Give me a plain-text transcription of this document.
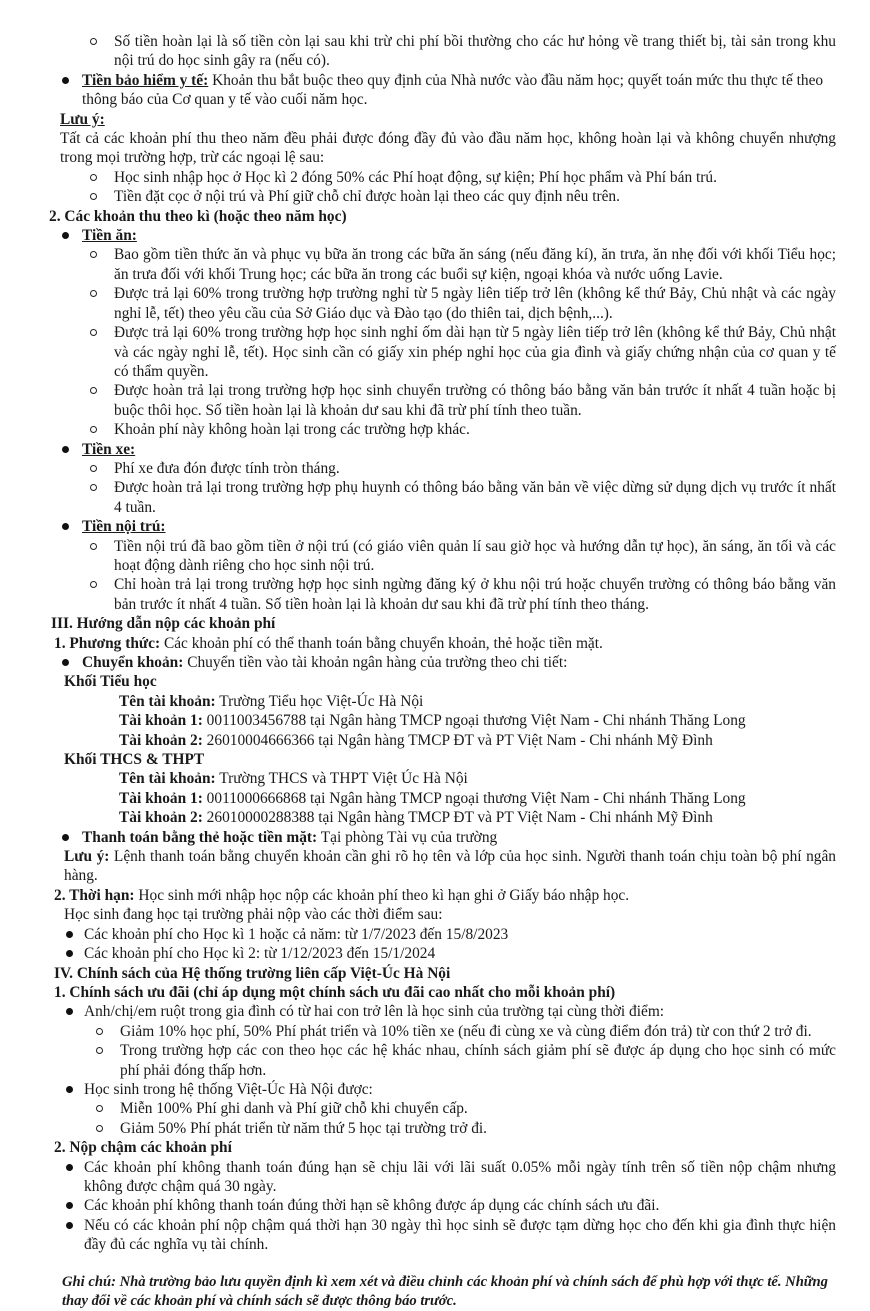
Số tiền hoàn lại là số tiền còn lại sau khi trừ chi phí bồi thường cho các hư hỏng về trang thiết bị, tài sản trong khu nội trú do học sinh gây ra (nếu có).
Tiền bảo hiểm y tế: Khoản thu bắt buộc theo quy định của Nhà nước vào đầu năm học; quyết toán mức thu thực tế theo thông báo của Cơ quan y tế vào cuối năm học.
Lưu ý:
Tất cả các khoản phí thu theo năm đều phải được đóng đầy đủ vào đầu năm học, không hoàn lại và không chuyển nhượng trong mọi trường hợp, trừ các ngoại lệ sau:
Học sinh nhập học ở Học kì 2 đóng 50% các Phí hoạt động, sự kiện; Phí học phẩm và Phí bán trú.
Tiền đặt cọc ở nội trú và Phí giữ chỗ chỉ được hoàn lại theo các quy định nêu trên.
2. Các khoản thu theo kì (hoặc theo năm học)
Tiền ăn:
Bao gồm tiền thức ăn và phục vụ bữa ăn trong các bữa ăn sáng (nếu đăng kí), ăn trưa, ăn nhẹ đối với khối Tiểu học; ăn trưa đối với khối Trung học; các bữa ăn trong các buổi sự kiện, ngoại khóa và nước uống Lavie.
Được trả lại 60% trong trường hợp trường nghỉ từ 5 ngày liên tiếp trở lên (không kể thứ Bảy, Chủ nhật và các ngày nghỉ lễ, tết) theo yêu cầu của Sở Giáo dục và Đào tạo (do thiên tai, dịch bệnh,...).
Được trả lại 60% trong trường hợp học sinh nghỉ ốm dài hạn từ 5 ngày liên tiếp trở lên (không kể thứ Bảy, Chủ nhật và các ngày nghỉ lễ, tết). Học sinh cần có giấy xin phép nghỉ học của gia đình và giấy chứng nhận của cơ quan y tế có thẩm quyền.
Được hoàn trả lại trong trường hợp học sinh chuyển trường có thông báo bằng văn bản trước ít nhất 4 tuần hoặc bị buộc thôi học. Số tiền hoàn lại là khoản dư sau khi đã trừ phí tính theo tuần.
Khoản phí này không hoàn lại trong các trường hợp khác.
Tiền xe:
Phí xe đưa đón được tính tròn tháng.
Được hoàn trả lại trong trường hợp phụ huynh có thông báo bằng văn bản về việc dừng sử dụng dịch vụ trước ít nhất 4 tuần.
Tiền nội trú:
Tiền nội trú đã bao gồm tiền ở nội trú (có giáo viên quản lí sau giờ học và hướng dẫn tự học), ăn sáng, ăn tối và các hoạt động dành riêng cho học sinh nội trú.
Chỉ hoàn trả lại trong trường hợp học sinh ngừng đăng ký ở khu nội trú hoặc chuyển trường có thông báo bằng văn bản trước ít nhất 4 tuần. Số tiền hoàn lại là khoản dư sau khi đã trừ phí tính theo tháng.
III. Hướng dẫn nộp các khoản phí
1. Phương thức: Các khoản phí có thể thanh toán bằng chuyển khoản, thẻ hoặc tiền mặt.
Chuyển khoản: Chuyển tiền vào tài khoản ngân hàng của trường theo chi tiết:
Khối Tiểu học
Tên tài khoản: Trường Tiểu học Việt-Úc Hà Nội
Tài khoản 1: 0011003456788 tại Ngân hàng TMCP ngoại thương Việt Nam - Chi nhánh Thăng Long
Tài khoản 2: 26010004666366 tại Ngân hàng TMCP ĐT và PT Việt Nam - Chi nhánh Mỹ Đình
Khối THCS & THPT
Tên tài khoản: Trường THCS và THPT Việt Úc Hà Nội
Tài khoản 1: 0011000666868 tại Ngân hàng TMCP ngoại thương Việt Nam - Chi nhánh Thăng Long
Tài khoản 2: 26010000288388 tại Ngân hàng TMCP ĐT và PT Việt Nam - Chi nhánh Mỹ Đình
Thanh toán bằng thẻ hoặc tiền mặt: Tại phòng Tài vụ của trường
Lưu ý: Lệnh thanh toán bằng chuyển khoản cần ghi rõ họ tên và lớp của học sinh. Người thanh toán chịu toàn bộ phí ngân hàng.
2. Thời hạn: Học sinh mới nhập học nộp các khoản phí theo kì hạn ghi ở Giấy báo nhập học.
Học sinh đang học tại trường phải nộp vào các thời điểm sau:
Các khoản phí cho Học kì 1 hoặc cả năm: từ 1/7/2023 đến 15/8/2023
Các khoản phí cho Học kì 2: từ 1/12/2023 đến 15/1/2024
IV. Chính sách của Hệ thống trường liên cấp Việt-Úc Hà Nội
1. Chính sách ưu đãi (chỉ áp dụng một chính sách ưu đãi cao nhất cho mỗi khoản phí)
Anh/chị/em ruột trong gia đình có từ hai con trở lên là học sinh của trường tại cùng thời điểm:
Giảm 10% học phí, 50% Phí phát triển và 10% tiền xe (nếu đi cùng xe và cùng điểm đón trả) từ con thứ 2 trở đi.
Trong trường hợp các con theo học các hệ khác nhau, chính sách giảm phí sẽ được áp dụng cho học sinh có mức phí phải đóng thấp hơn.
Học sinh trong hệ thống Việt-Úc Hà Nội được:
Miễn 100% Phí ghi danh và Phí giữ chỗ khi chuyển cấp.
Giảm 50% Phí phát triển từ năm thứ 5 học tại trường trở đi.
2. Nộp chậm các khoản phí
Các khoản phí không thanh toán đúng hạn sẽ chịu lãi với lãi suất 0.05% mỗi ngày tính trên số tiền nộp chậm nhưng không được chậm quá 30 ngày.
Các khoản phí không thanh toán đúng thời hạn sẽ không được áp dụng các chính sách ưu đãi.
Nếu có các khoản phí nộp chậm quá thời hạn 30 ngày thì học sinh sẽ được tạm dừng học cho đến khi gia đình thực hiện đầy đủ các nghĩa vụ tài chính.
Ghi chú: Nhà trường bảo lưu quyền định kì xem xét và điều chỉnh các khoản phí và chính sách để phù hợp với thực tế. Những thay đổi về các khoản phí và chính sách sẽ được thông báo trước.
